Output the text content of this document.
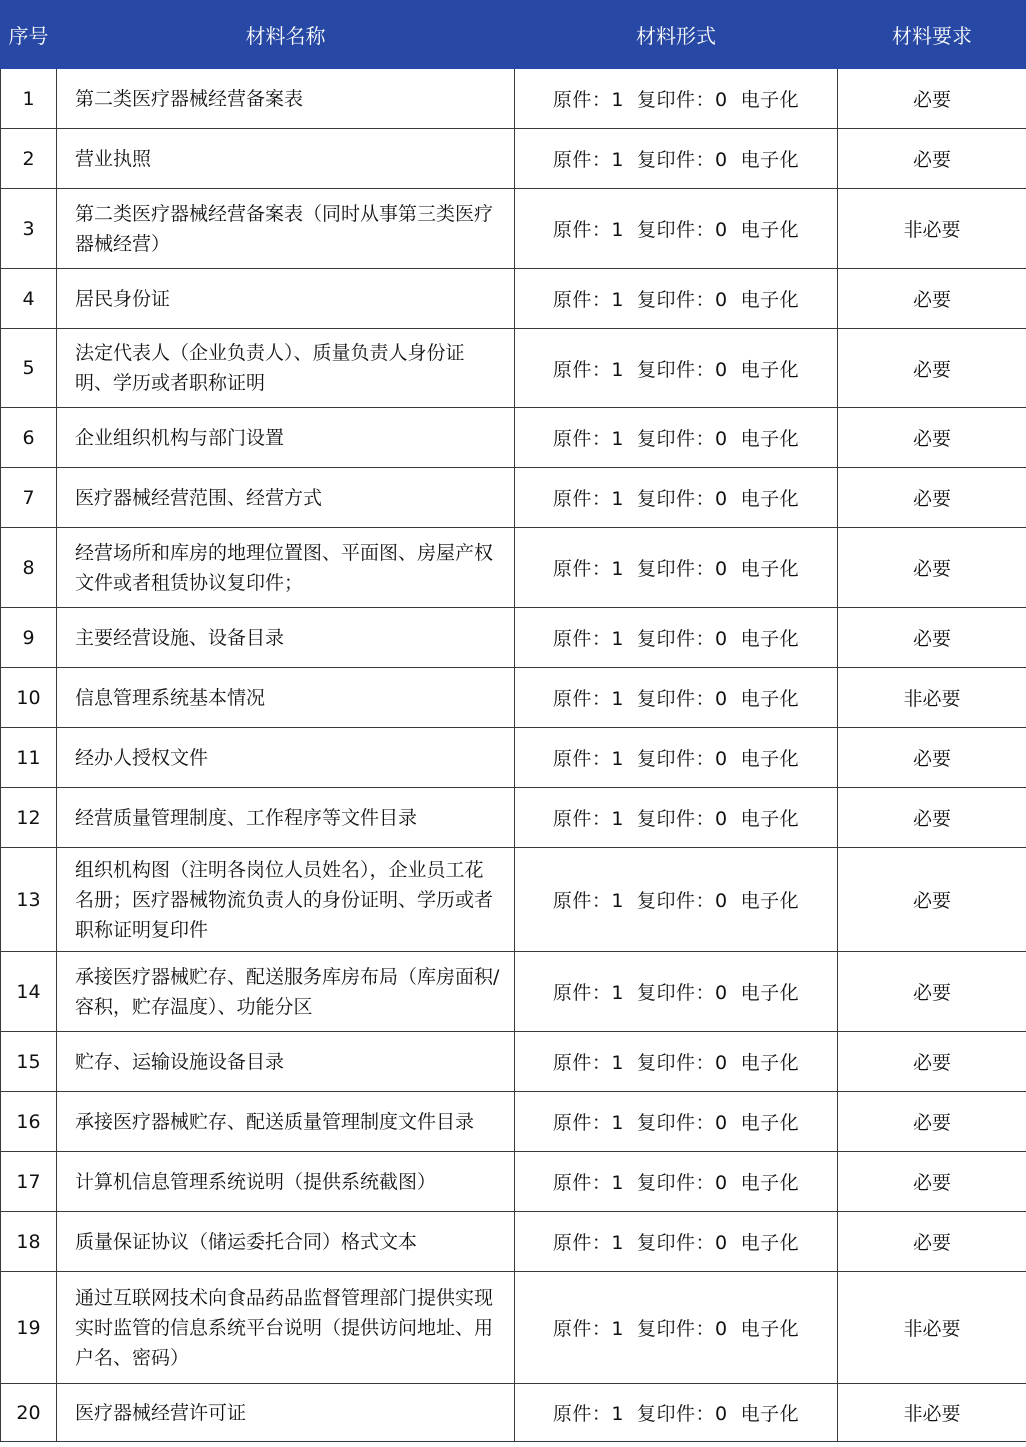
序号	材料名称	材料形式	材料要求
1	第二类医疗器械经营备案表	原件：1  复印件：0  电子化	必要
2	营业执照	原件：1  复印件：0  电子化	必要
3	第二类医疗器械经营备案表（同时从事第三类医疗器械经营）	原件：1  复印件：0  电子化	非必要
4	居民身份证	原件：1  复印件：0  电子化	必要
5	法定代表人（企业负责人）、质量负责人身份证明、学历或者职称证明	原件：1  复印件：0  电子化	必要
6	企业组织机构与部门设置	原件：1  复印件：0  电子化	必要
7	医疗器械经营范围、经营方式	原件：1  复印件：0  电子化	必要
8	经营场所和库房的地理位置图、平面图、房屋产权文件或者租赁协议复印件；	原件：1  复印件：0  电子化	必要
9	主要经营设施、设备目录	原件：1  复印件：0  电子化	必要
10	信息管理系统基本情况	原件：1  复印件：0  电子化	非必要
11	经办人授权文件	原件：1  复印件：0  电子化	必要
12	经营质量管理制度、工作程序等文件目录	原件：1  复印件：0  电子化	必要
13	组织机构图（注明各岗位人员姓名），企业员工花名册；医疗器械物流负责人的身份证明、学历或者职称证明复印件	原件：1  复印件：0  电子化	必要
14	承接医疗器械贮存、配送服务库房布局（库房面积/容积，贮存温度）、功能分区	原件：1  复印件：0  电子化	必要
15	贮存、运输设施设备目录	原件：1  复印件：0  电子化	必要
16	承接医疗器械贮存、配送质量管理制度文件目录	原件：1  复印件：0  电子化	必要
17	计算机信息管理系统说明（提供系统截图）	原件：1  复印件：0  电子化	必要
18	质量保证协议（储运委托合同）格式文本	原件：1  复印件：0  电子化	必要
19	通过互联网技术向食品药品监督管理部门提供实现实时监管的信息系统平台说明（提供访问地址、用户名、密码）	原件：1  复印件：0  电子化	非必要
20	医疗器械经营许可证	原件：1  复印件：0  电子化	非必要
